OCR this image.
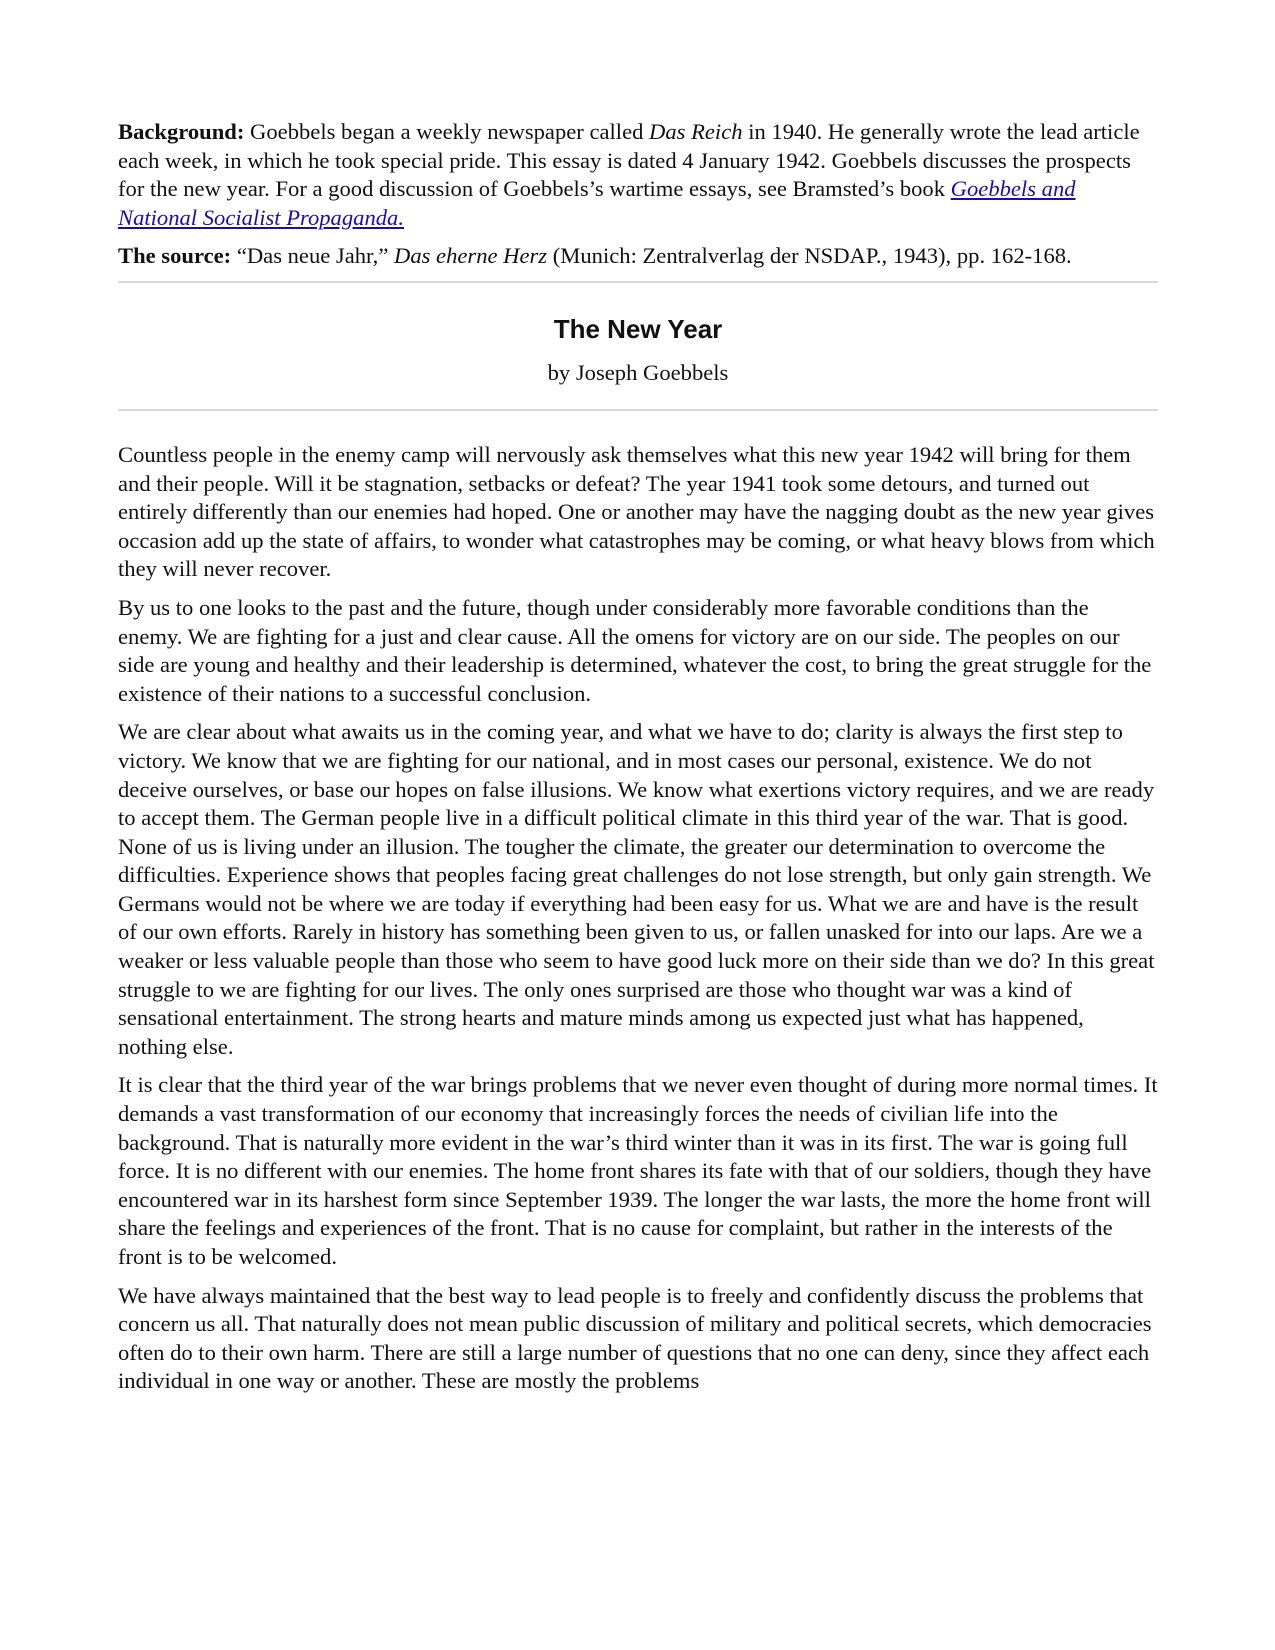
Background: Goebbels began a weekly newspaper called Das Reich in 1940. He generally wrote the lead article each week, in which he took special pride. This essay is dated 4 January 1942. Goebbels discusses the prospects for the new year. For a good discussion of Goebbels’s wartime essays, see Bramsted’s book Goebbels and National Socialist Propaganda.

The source: “Das neue Jahr,” Das eherne Herz (Munich: Zentralverlag der NSDAP., 1943), pp. 162-168.

The New Year

by Joseph Goebbels

Countless people in the enemy camp will nervously ask themselves what this new year 1942 will bring for them and their people. Will it be stagnation, setbacks or defeat? The year 1941 took some detours, and turned out entirely differently than our enemies had hoped. One or another may have the nagging doubt as the new year gives occasion add up the state of affairs, to wonder what catastrophes may be coming, or what heavy blows from which they will never recover.

By us to one looks to the past and the future, though under considerably more favorable conditions than the enemy. We are fighting for a just and clear cause. All the omens for victory are on our side. The peoples on our side are young and healthy and their leadership is determined, whatever the cost, to bring the great struggle for the existence of their nations to a successful conclusion.

We are clear about what awaits us in the coming year, and what we have to do; clarity is always the first step to victory. We know that we are fighting for our national, and in most cases our personal, existence. We do not deceive ourselves, or base our hopes on false illusions. We know what exertions victory requires, and we are ready to accept them. The German people live in a difficult political climate in this third year of the war. That is good. None of us is living under an illusion. The tougher the climate, the greater our determination to overcome the difficulties. Experience shows that peoples facing great challenges do not lose strength, but only gain strength. We Germans would not be where we are today if everything had been easy for us. What we are and have is the result of our own efforts. Rarely in history has something been given to us, or fallen unasked for into our laps. Are we a weaker or less valuable people than those who seem to have good luck more on their side than we do? In this great struggle to we are fighting for our lives. The only ones surprised are those who thought war was a kind of sensational entertainment. The strong hearts and mature minds among us expected just what has happened, nothing else.

It is clear that the third year of the war brings problems that we never even thought of during more normal times. It demands a vast transformation of our economy that increasingly forces the needs of civilian life into the background. That is naturally more evident in the war’s third winter than it was in its first. The war is going full force. It is no different with our enemies. The home front shares its fate with that of our soldiers, though they have encountered war in its harshest form since September 1939. The longer the war lasts, the more the home front will share the feelings and experiences of the front. That is no cause for complaint, but rather in the interests of the front is to be welcomed.

We have always maintained that the best way to lead people is to freely and confidently discuss the problems that concern us all. That naturally does not mean public discussion of military and political secrets, which democracies often do to their own harm. There are still a large number of questions that no one can deny, since they affect each individual in one way or another. These are mostly the problems
